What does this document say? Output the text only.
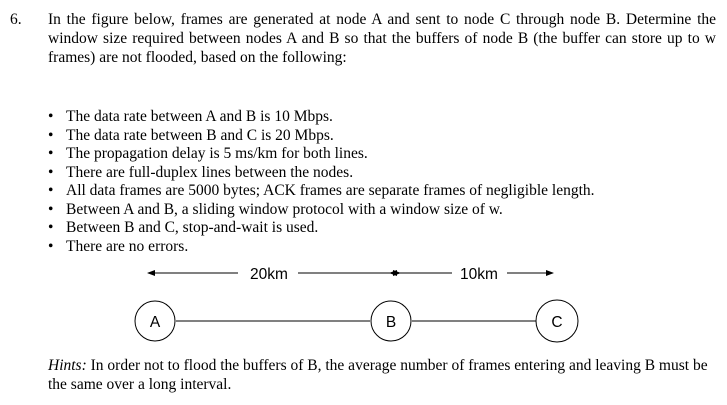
6. In the figure below, frames are generated at node A and sent to node C through node B. Determine the window size required between nodes A and B so that the buffers of node B (the buffer can store up to w frames) are not flooded, based on the following:
• The data rate between A and B is 10 Mbps.
• The data rate between B and C is 20 Mbps.
• The propagation delay is 5 ms/km for both lines.
• There are full-duplex lines between the nodes.
• All data frames are 5000 bytes; ACK frames are separate frames of negligible length.
• Between A and B, a sliding window protocol with a window size of w.
• Between B and C, stop-and-wait is used.
• There are no errors.
20km	10km
A	B	C
Hints: In order not to flood the buffers of B, the average number of frames entering and leaving B must be the same over a long interval.
